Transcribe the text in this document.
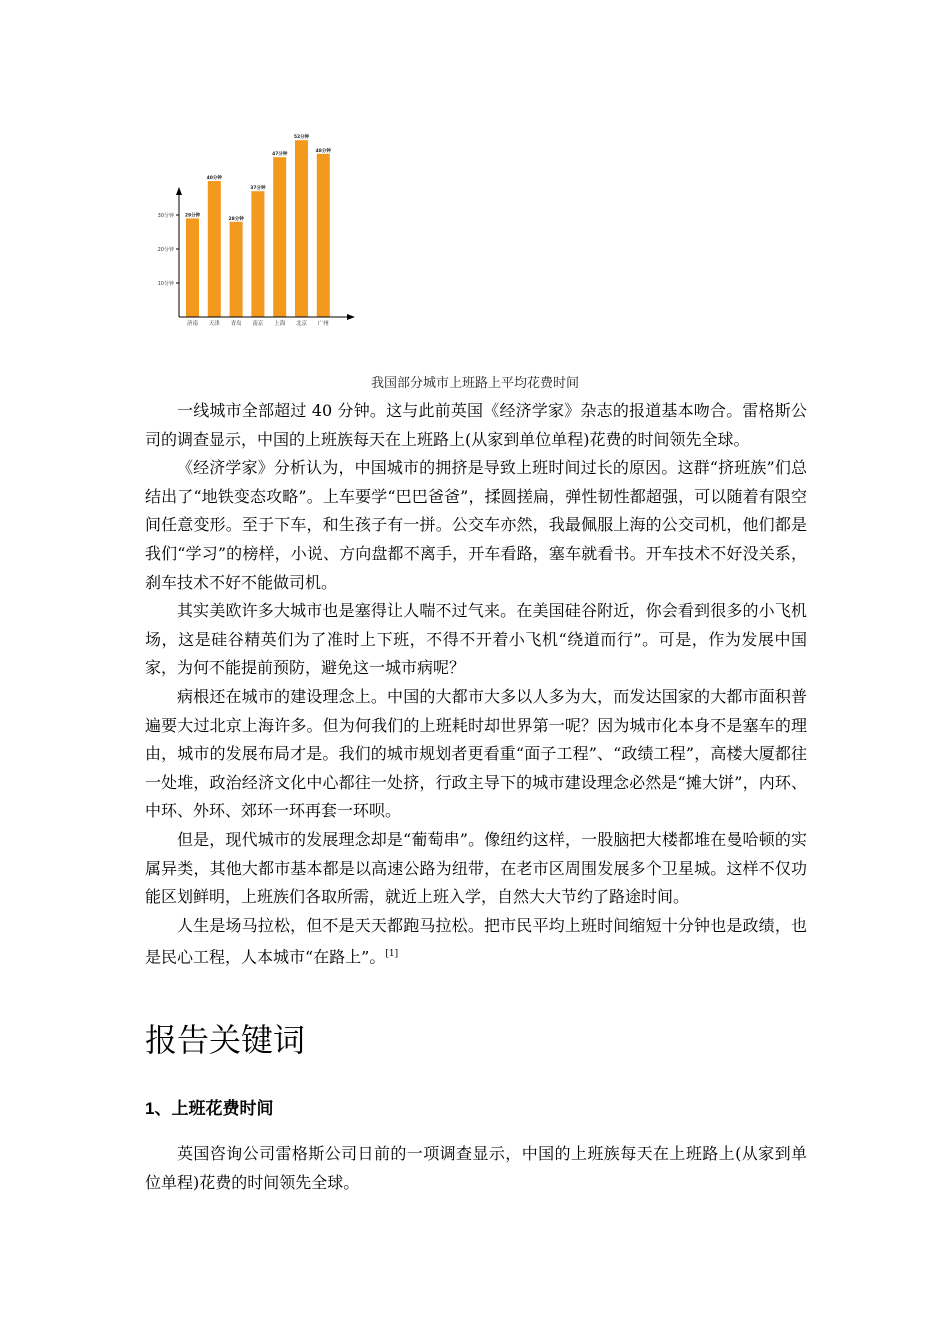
10分钟
20分钟
30分钟 29分钟
济南
40分钟
天津
28分钟
青岛
37分钟
南京
47分钟
上海
52分钟
北京
48分钟
广州
我国部分城市上班路上平均花费时间

一线城市全部超过 40 分钟。这与此前英国《经济学家》杂志的报道基本吻合。雷格斯公司的调查显示，中国的上班族每天在上班路上(从家到单位单程)花费的时间领先全球。

《经济学家》分析认为，中国城市的拥挤是导致上班时间过长的原因。这群“挤班族”们总结出了“地铁变态攻略”。上车要学“巴巴爸爸”，揉圆搓扁，弹性韧性都超强，可以随着有限空间任意变形。至于下车，和生孩子有一拼。公交车亦然，我最佩服上海的公交司机，他们都是我们“学习”的榜样，小说、方向盘都不离手，开车看路，塞车就看书。开车技术不好没关系，刹车技术不好不能做司机。

其实美欧许多大城市也是塞得让人喘不过气来。在美国硅谷附近，你会看到很多的小飞机场，这是硅谷精英们为了准时上下班，不得不开着小飞机“绕道而行”。可是，作为发展中国家，为何不能提前预防，避免这一城市病呢？

病根还在城市的建设理念上。中国的大都市大多以人多为大，而发达国家的大都市面积普遍要大过北京上海许多。但为何我们的上班耗时却世界第一呢？因为城市化本身不是塞车的理由，城市的发展布局才是。我们的城市规划者更看重“面子工程”、“政绩工程”，高楼大厦都往一处堆，政治经济文化中心都往一处挤，行政主导下的城市建设理念必然是“摊大饼”，内环、中环、外环、郊环一环再套一环呗。

但是，现代城市的发展理念却是“葡萄串”。像纽约这样，一股脑把大楼都堆在曼哈顿的实属异类，其他大都市基本都是以高速公路为纽带，在老市区周围发展多个卫星城。这样不仅功能区划鲜明，上班族们各取所需，就近上班入学，自然大大节约了路途时间。

人生是场马拉松，但不是天天都跑马拉松。把市民平均上班时间缩短十分钟也是政绩，也是民心工程，人本城市“在路上”。[1]

报告关键词
1、上班花费时间

英国咨询公司雷格斯公司日前的一项调查显示，中国的上班族每天在上班路上(从家到单位单程)花费的时间领先全球。
